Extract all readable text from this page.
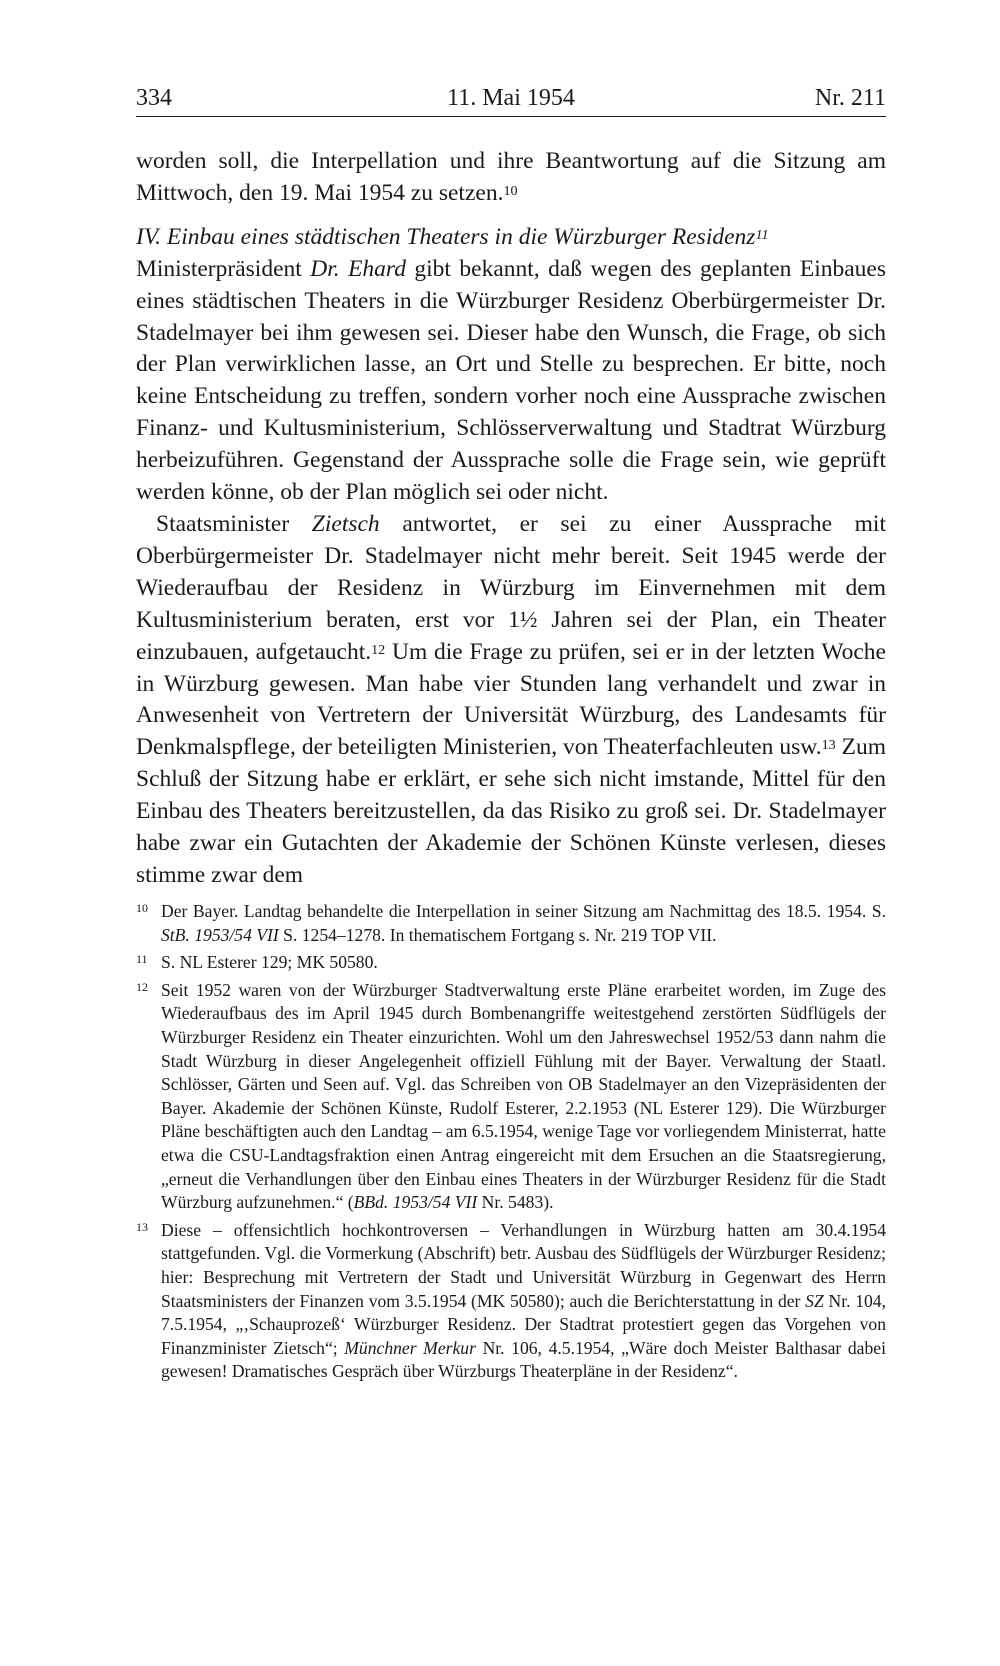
334	11. Mai 1954	Nr. 211

worden soll, die Interpellation und ihre Beantwortung auf die Sitzung am Mittwoch, den 19. Mai 1954 zu setzen.$^{10}$

IV. Einbau eines städtischen Theaters in die Würzburger Residenz$^{11}$

Ministerpräsident Dr. Ehard gibt bekannt, daß wegen des geplanten Einbaues eines städtischen Theaters in die Würzburger Residenz Oberbürgermeister Dr. Stadelmayer bei ihm gewesen sei. Dieser habe den Wunsch, die Frage, ob sich der Plan verwirklichen lasse, an Ort und Stelle zu besprechen. Er bitte, noch keine Entscheidung zu treffen, sondern vorher noch eine Aussprache zwischen Finanz- und Kultusministerium, Schlösserverwaltung und Stadtrat Würzburg herbeizuführen. Gegenstand der Aussprache solle die Frage sein, wie geprüft werden könne, ob der Plan möglich sei oder nicht.

Staatsminister Zietsch antwortet, er sei zu einer Aussprache mit Oberbürgermeister Dr. Stadelmayer nicht mehr bereit. Seit 1945 werde der Wiederaufbau der Residenz in Würzburg im Einvernehmen mit dem Kultusministerium beraten, erst vor 1½ Jahren sei der Plan, ein Theater einzubauen, aufgetaucht.$^{12}$ Um die Frage zu prüfen, sei er in der letzten Woche in Würzburg gewesen. Man habe vier Stunden lang verhandelt und zwar in Anwesenheit von Vertretern der Universität Würzburg, des Landesamts für Denkmalspflege, der beteiligten Ministerien, von Theaterfachleuten usw.$^{13}$ Zum Schluß der Sitzung habe er erklärt, er sehe sich nicht imstande, Mittel für den Einbau des Theaters bereitzustellen, da das Risiko zu groß sei. Dr. Stadelmayer habe zwar ein Gutachten der Akademie der Schönen Künste verlesen, dieses stimme zwar dem

10 Der Bayer. Landtag behandelte die Interpellation in seiner Sitzung am Nachmittag des 18.5. 1954. S. StB. 1953/54 VII S. 1254–1278. In thematischem Fortgang s. Nr. 219 TOP VII.

11 S. NL Esterer 129; MK 50580.

12 Seit 1952 waren von der Würzburger Stadtverwaltung erste Pläne erarbeitet worden, im Zuge des Wiederaufbaus des im April 1945 durch Bombenangriffe weitestgehend zerstörten Südflügels der Würzburger Residenz ein Theater einzurichten. Wohl um den Jahreswechsel 1952/53 dann nahm die Stadt Würzburg in dieser Angelegenheit offiziell Fühlung mit der Bayer. Verwaltung der Staatl. Schlösser, Gärten und Seen auf. Vgl. das Schreiben von OB Stadelmayer an den Vizepräsidenten der Bayer. Akademie der Schönen Künste, Rudolf Esterer, 2.2.1953 (NL Esterer 129). Die Würzburger Pläne beschäftigten auch den Landtag – am 6.5.1954, wenige Tage vor vorliegendem Ministerrat, hatte etwa die CSU-Landtagsfraktion einen Antrag eingereicht mit dem Ersuchen an die Staatsregierung, „erneut die Verhandlungen über den Einbau eines Theaters in der Würzburger Residenz für die Stadt Würzburg aufzunehmen.“ (BBd. 1953/54 VII Nr. 5483).

13 Diese – offensichtlich hochkontroversen – Verhandlungen in Würzburg hatten am 30.4.1954 stattgefunden. Vgl. die Vormerkung (Abschrift) betr. Ausbau des Südflügels der Würzburger Residenz; hier: Besprechung mit Vertretern der Stadt und Universität Würzburg in Gegenwart des Herrn Staatsministers der Finanzen vom 3.5.1954 (MK 50580); auch die Berichterstattung in der SZ Nr. 104, 7.5.1954, „‚Schauprozeß‘ Würzburger Residenz. Der Stadtrat protestiert gegen das Vorgehen von Finanzminister Zietsch“; Münchner Merkur Nr. 106, 4.5.1954, „Wäre doch Meister Balthasar dabei gewesen! Dramatisches Gespräch über Würzburgs Theaterpläne in der Residenz“.
